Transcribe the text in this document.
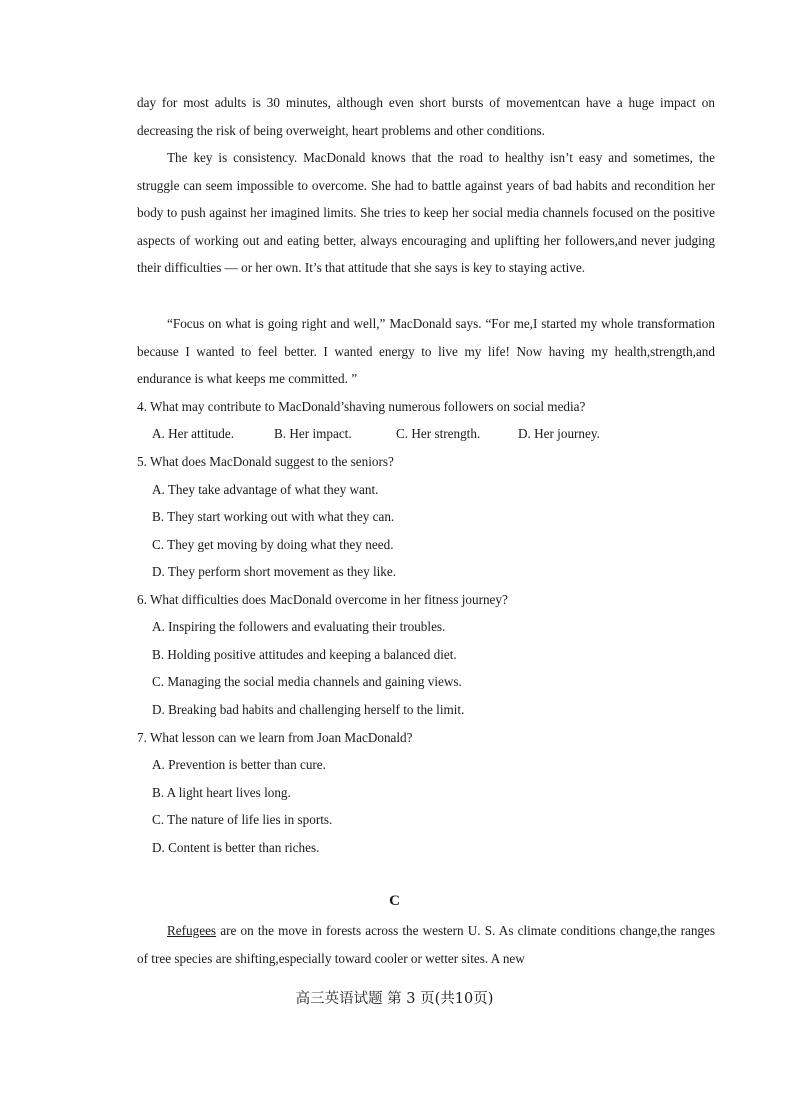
day for most adults is 30 minutes, although even short bursts of movementcan have a huge impact on decreasing the risk of being overweight, heart problems and other conditions.
The key is consistency. MacDonald knows that the road to healthy isn’t easy and sometimes, the struggle can seem impossible to overcome. She had to battle against years of bad habits and recondition her body to push against her imagined limits. She tries to keep her social media channels focused on the positive aspects of working out and eating better, always encouraging and uplifting her followers,and never judging their difficulties — or her own. It’s that attitude that she says is key to staying active.
“Focus on what is going right and well,” MacDonald says. “For me,I started my whole transformation because I wanted to feel better. I wanted energy to live my life! Now having my health,strength,and endurance is what keeps me committed. ”
4. What may contribute to MacDonald’shaving numerous followers on social media?
A. Her attitude.	B. Her impact.	C. Her strength.	D. Her journey.
5. What does MacDonald suggest to the seniors?
A. They take advantage of what they want.
B. They start working out with what they can.
C. They get moving by doing what they need.
D. They perform short movement as they like.
6. What difficulties does MacDonald overcome in her fitness journey?
A. Inspiring the followers and evaluating their troubles.
B. Holding positive attitudes and keeping a balanced diet.
C. Managing the social media channels and gaining views.
D. Breaking bad habits and challenging herself to the limit.
7. What lesson can we learn from Joan MacDonald?
A. Prevention is better than cure.
B. A light heart lives long.
C. The nature of life lies in sports.
D. Content is better than riches.
C
Refugees are on the move in forests across the western U. S. As climate conditions change,the ranges of tree species are shifting,especially toward cooler or wetter sites. A new
高三英语试题 第 3 页(共10页)
